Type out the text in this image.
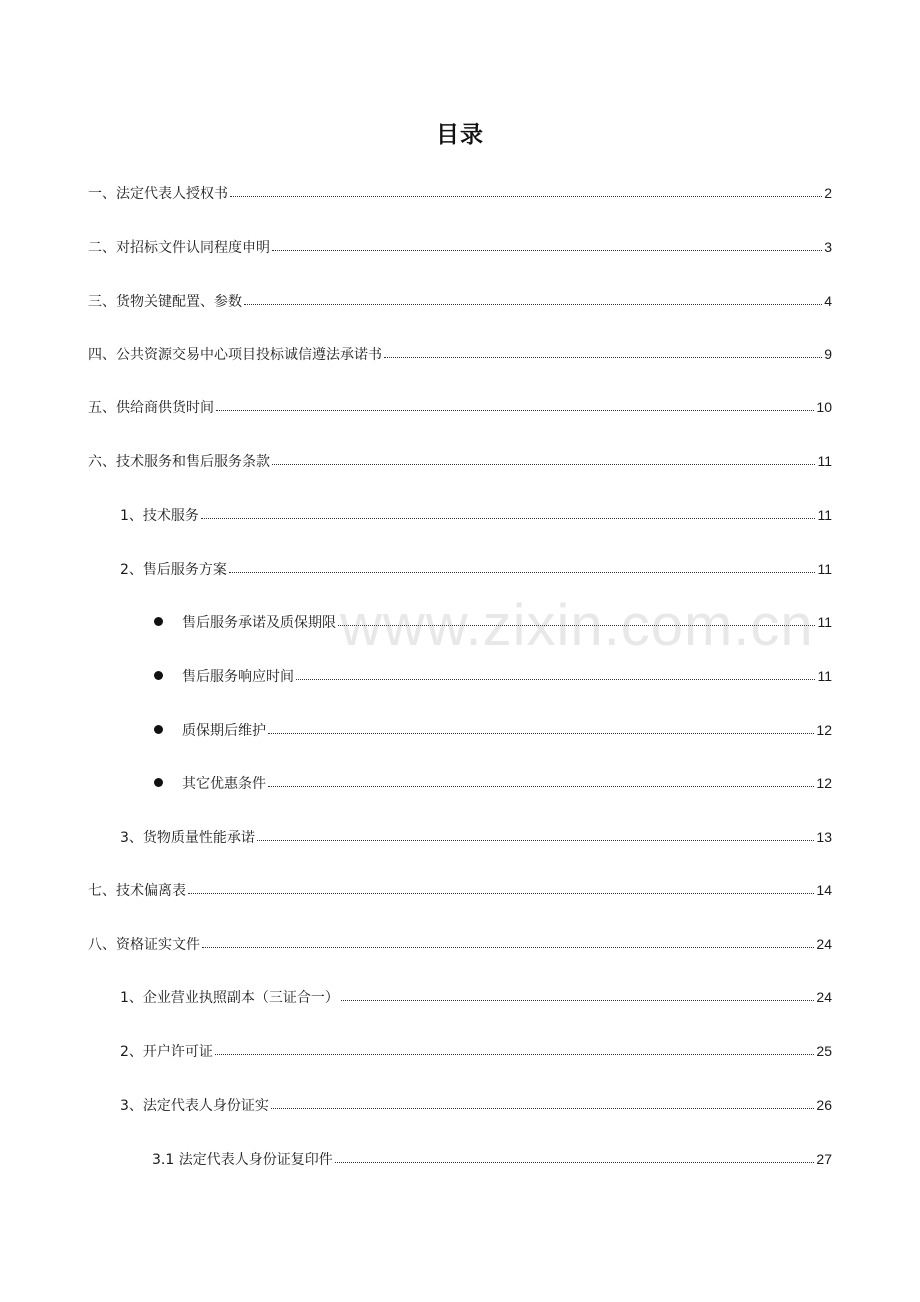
目录
一、法定代表人授权书	2
二、对招标文件认同程度申明	3
三、货物关键配置、参数	4
四、公共资源交易中心项目投标诚信遵法承诺书	9
五、供给商供货时间	10
六、技术服务和售后服务条款	11
1、技术服务	11
2、售后服务方案	11
售后服务承诺及质保期限	11
售后服务响应时间	11
质保期后维护	12
其它优惠条件	12
3、货物质量性能承诺	13
七、技术偏离表	14
八、资格证实文件	24
1、企业营业执照副本（三证合一）	24
2、开户许可证	25
3、法定代表人身份证实	26
3.1 法定代表人身份证复印件	27
www.zixin.com.cn
